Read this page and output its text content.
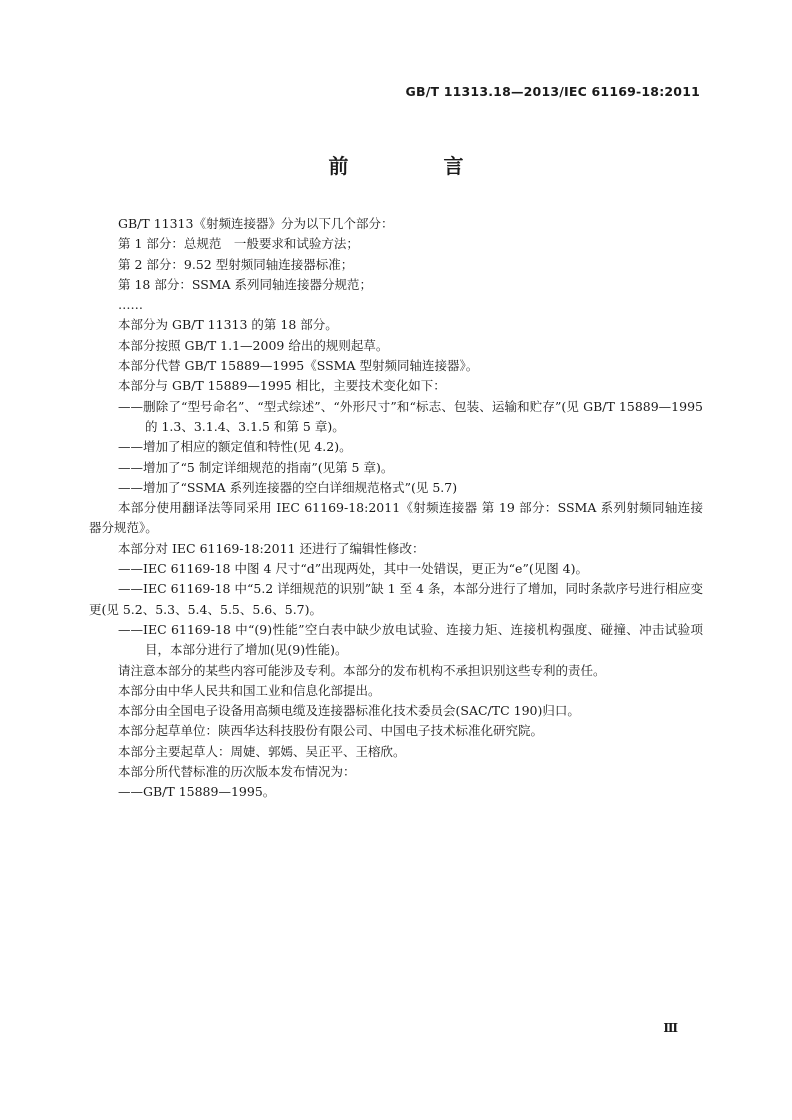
GB/T 11313.18—2013/IEC 61169-18:2011
前 言

GB/T 11313《射频连接器》分为以下几个部分：

第 1 部分：总规范　一般要求和试验方法；

第 2 部分：9.52 型射频同轴连接器标准；

第 18 部分：SSMA 系列同轴连接器分规范；

……

本部分为 GB/T 11313 的第 18 部分。

本部分按照 GB/T 1.1—2009 给出的规则起草。

本部分代替 GB/T 15889—1995《SSMA 型射频同轴连接器》。

本部分与 GB/T 15889—1995 相比，主要技术变化如下：

——删除了“型号命名”、“型式综述”、“外形尺寸”和“标志、包装、运输和贮存”(见 GB/T 15889—1995 的 1.3、3.1.4、3.1.5 和第 5 章)。

——增加了相应的额定值和特性(见 4.2)。

——增加了“5 制定详细规范的指南”(见第 5 章)。

——增加了“SSMA 系列连接器的空白详细规范格式”(见 5.7)

本部分使用翻译法等同采用 IEC 61169-18:2011《射频连接器 第 19 部分：SSMA 系列射频同轴连接器分规范》。

本部分对 IEC 61169-18:2011 还进行了编辑性修改：

——IEC 61169-18 中图 4 尺寸“d”出现两处，其中一处错误，更正为“e”(见图 4)。

——IEC 61169-18 中“5.2 详细规范的识别”缺 1 至 4 条，本部分进行了增加，同时条款序号进行相应变更(见 5.2、5.3、5.4、5.5、5.6、5.7)。

——IEC 61169-18 中“(9)性能”空白表中缺少放电试验、连接力矩、连接机构强度、碰撞、冲击试验项目，本部分进行了增加(见(9)性能)。

请注意本部分的某些内容可能涉及专利。本部分的发布机构不承担识别这些专利的责任。

本部分由中华人民共和国工业和信息化部提出。

本部分由全国电子设备用高频电缆及连接器标准化技术委员会(SAC/TC 190)归口。

本部分起草单位：陕西华达科技股份有限公司、中国电子技术标准化研究院。

本部分主要起草人：周婕、郭嫣、吴正平、王榕欣。

本部分所代替标准的历次版本发布情况为：

——GB/T 15889—1995。

Ⅲ
